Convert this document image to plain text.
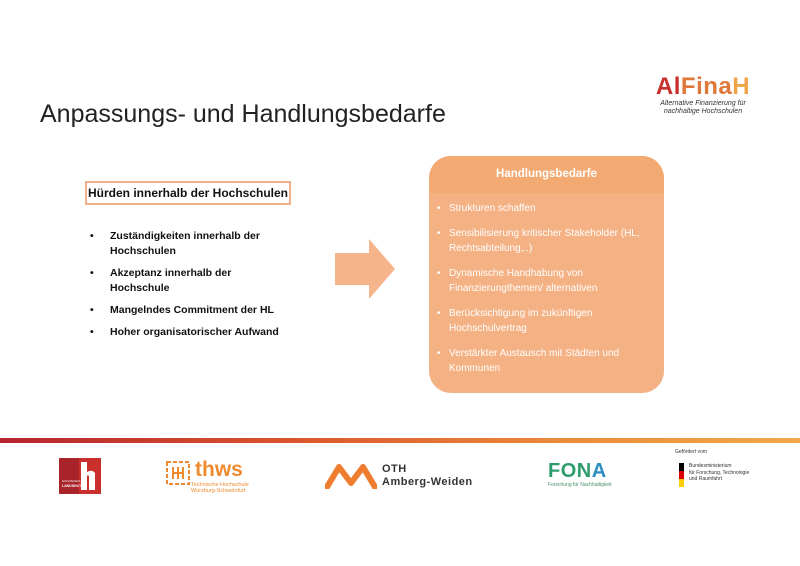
Anpassungs- und Handlungsbedarfe
AlFinaH
Alternative Finanzierung für nachhaltige Hochschulen
Hürden innerhalb der Hochschulen
• Zuständigkeiten innerhalb der Hochschulen
• Akzeptanz innerhalb der Hochschule
• Mangelndes Commitment der HL
• Hoher organisatorischer Aufwand
Handlungsbedarfe
• Strukturen schaffen
• Sensibilisierung kritischer Stakeholder (HL, Rechtsabteilung,..)
• Dynamische Handhabung von Finanzierungthemen/ alternativen
• Berücksichtigung im zukünftigen Hochschulvertrag
• Verstärkter Austausch mit Städten und Kommunen
HOCHSCHULE
LANDSHUT
thws
Technische Hochschule
Würzburg-Schweinfurt
OTH
Amberg-Weiden	FONA
Forschung für Nachhaltigkeit
Gefördert vom
Bundesministerium
für Forschung, Technologie
und Raumfahrt
